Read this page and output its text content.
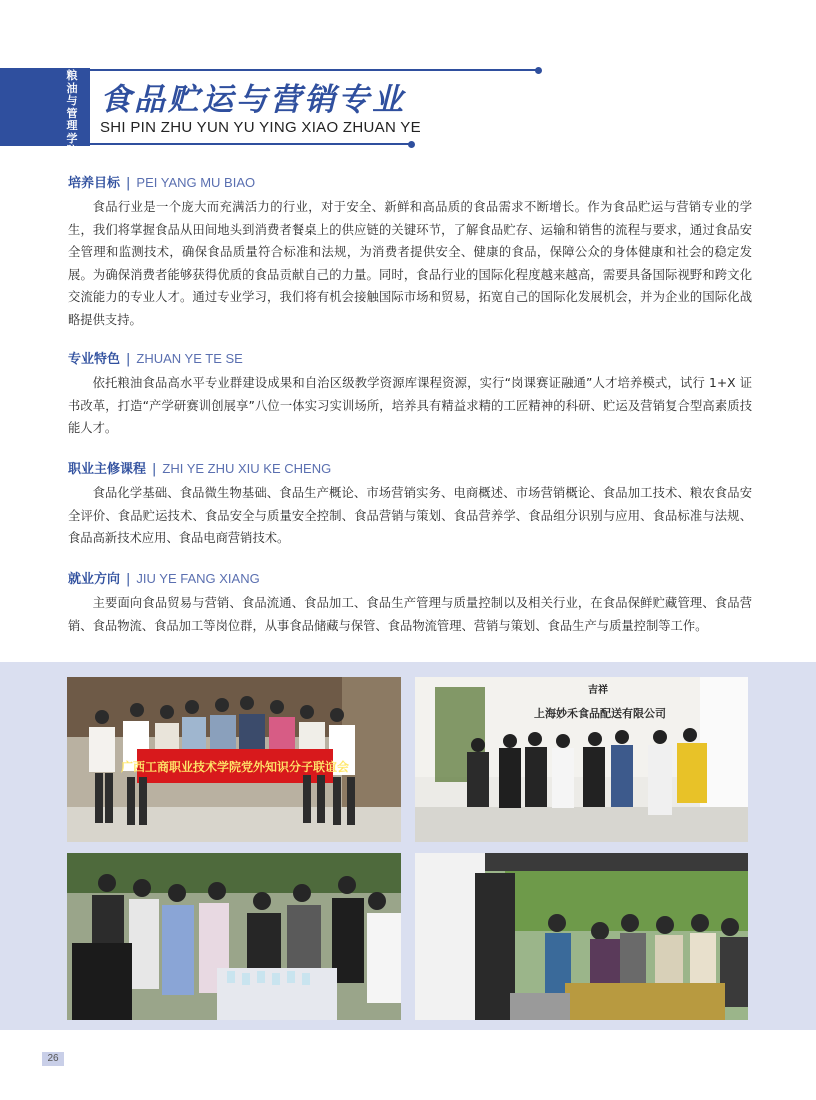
粮油与管理学院
食品贮运与营销专业
SHI PIN ZHU YUN YU YING XIAO ZHUAN YE
培养目标 | PEI YANG MU BIAO
食品行业是一个庞大而充满活力的行业，对于安全、新鲜和高品质的食品需求不断增长。作为食品贮运与营销专业的学生，我们将掌握食品从田间地头到消费者餐桌上的供应链的关键环节，了解食品贮存、运输和销售的流程与要求，通过食品安全管理和监测技术，确保食品质量符合标准和法规，为消费者提供安全、健康的食品，保障公众的身体健康和社会的稳定发展。为确保消费者能够获得优质的食品贡献自己的力量。同时，食品行业的国际化程度越来越高，需要具备国际视野和跨文化交流能力的专业人才。通过专业学习，我们将有机会接触国际市场和贸易，拓宽自己的国际化发展机会，并为企业的国际化战略提供支持。
专业特色 | ZHUAN YE TE SE
依托粮油食品高水平专业群建设成果和自治区级教学资源库课程资源，实行“岗课赛证融通”人才培养模式，试行 1+X 证书改革，打造“产学研赛训创展享”八位一体实习实训场所，培养具有精益求精的工匠精神的科研、贮运及营销复合型高素质技能人才。
职业主修课程 | ZHI YE ZHU XIU KE CHENG
食品化学基础、食品微生物基础、食品生产概论、市场营销实务、电商概述、市场营销概论、食品加工技术、粮农食品安全评价、食品贮运技术、食品安全与质量安全控制、食品营销与策划、食品营养学、食品组分识别与应用、食品标准与法规、食品高新技术应用、食品电商营销技术。
就业方向 | JIU YE FANG XIANG
主要面向食品贸易与营销、食品流通、食品加工、食品生产管理与质量控制以及相关行业，在食品保鲜贮藏管理、食品营销、食品物流、食品加工等岗位群，从事食品储藏与保管、食品物流管理、营销与策划、食品生产与质量控制等工作。
广西工商职业技术学院党外知识分子联谊会
吉祥
上海妙禾食品配送有限公司
26
